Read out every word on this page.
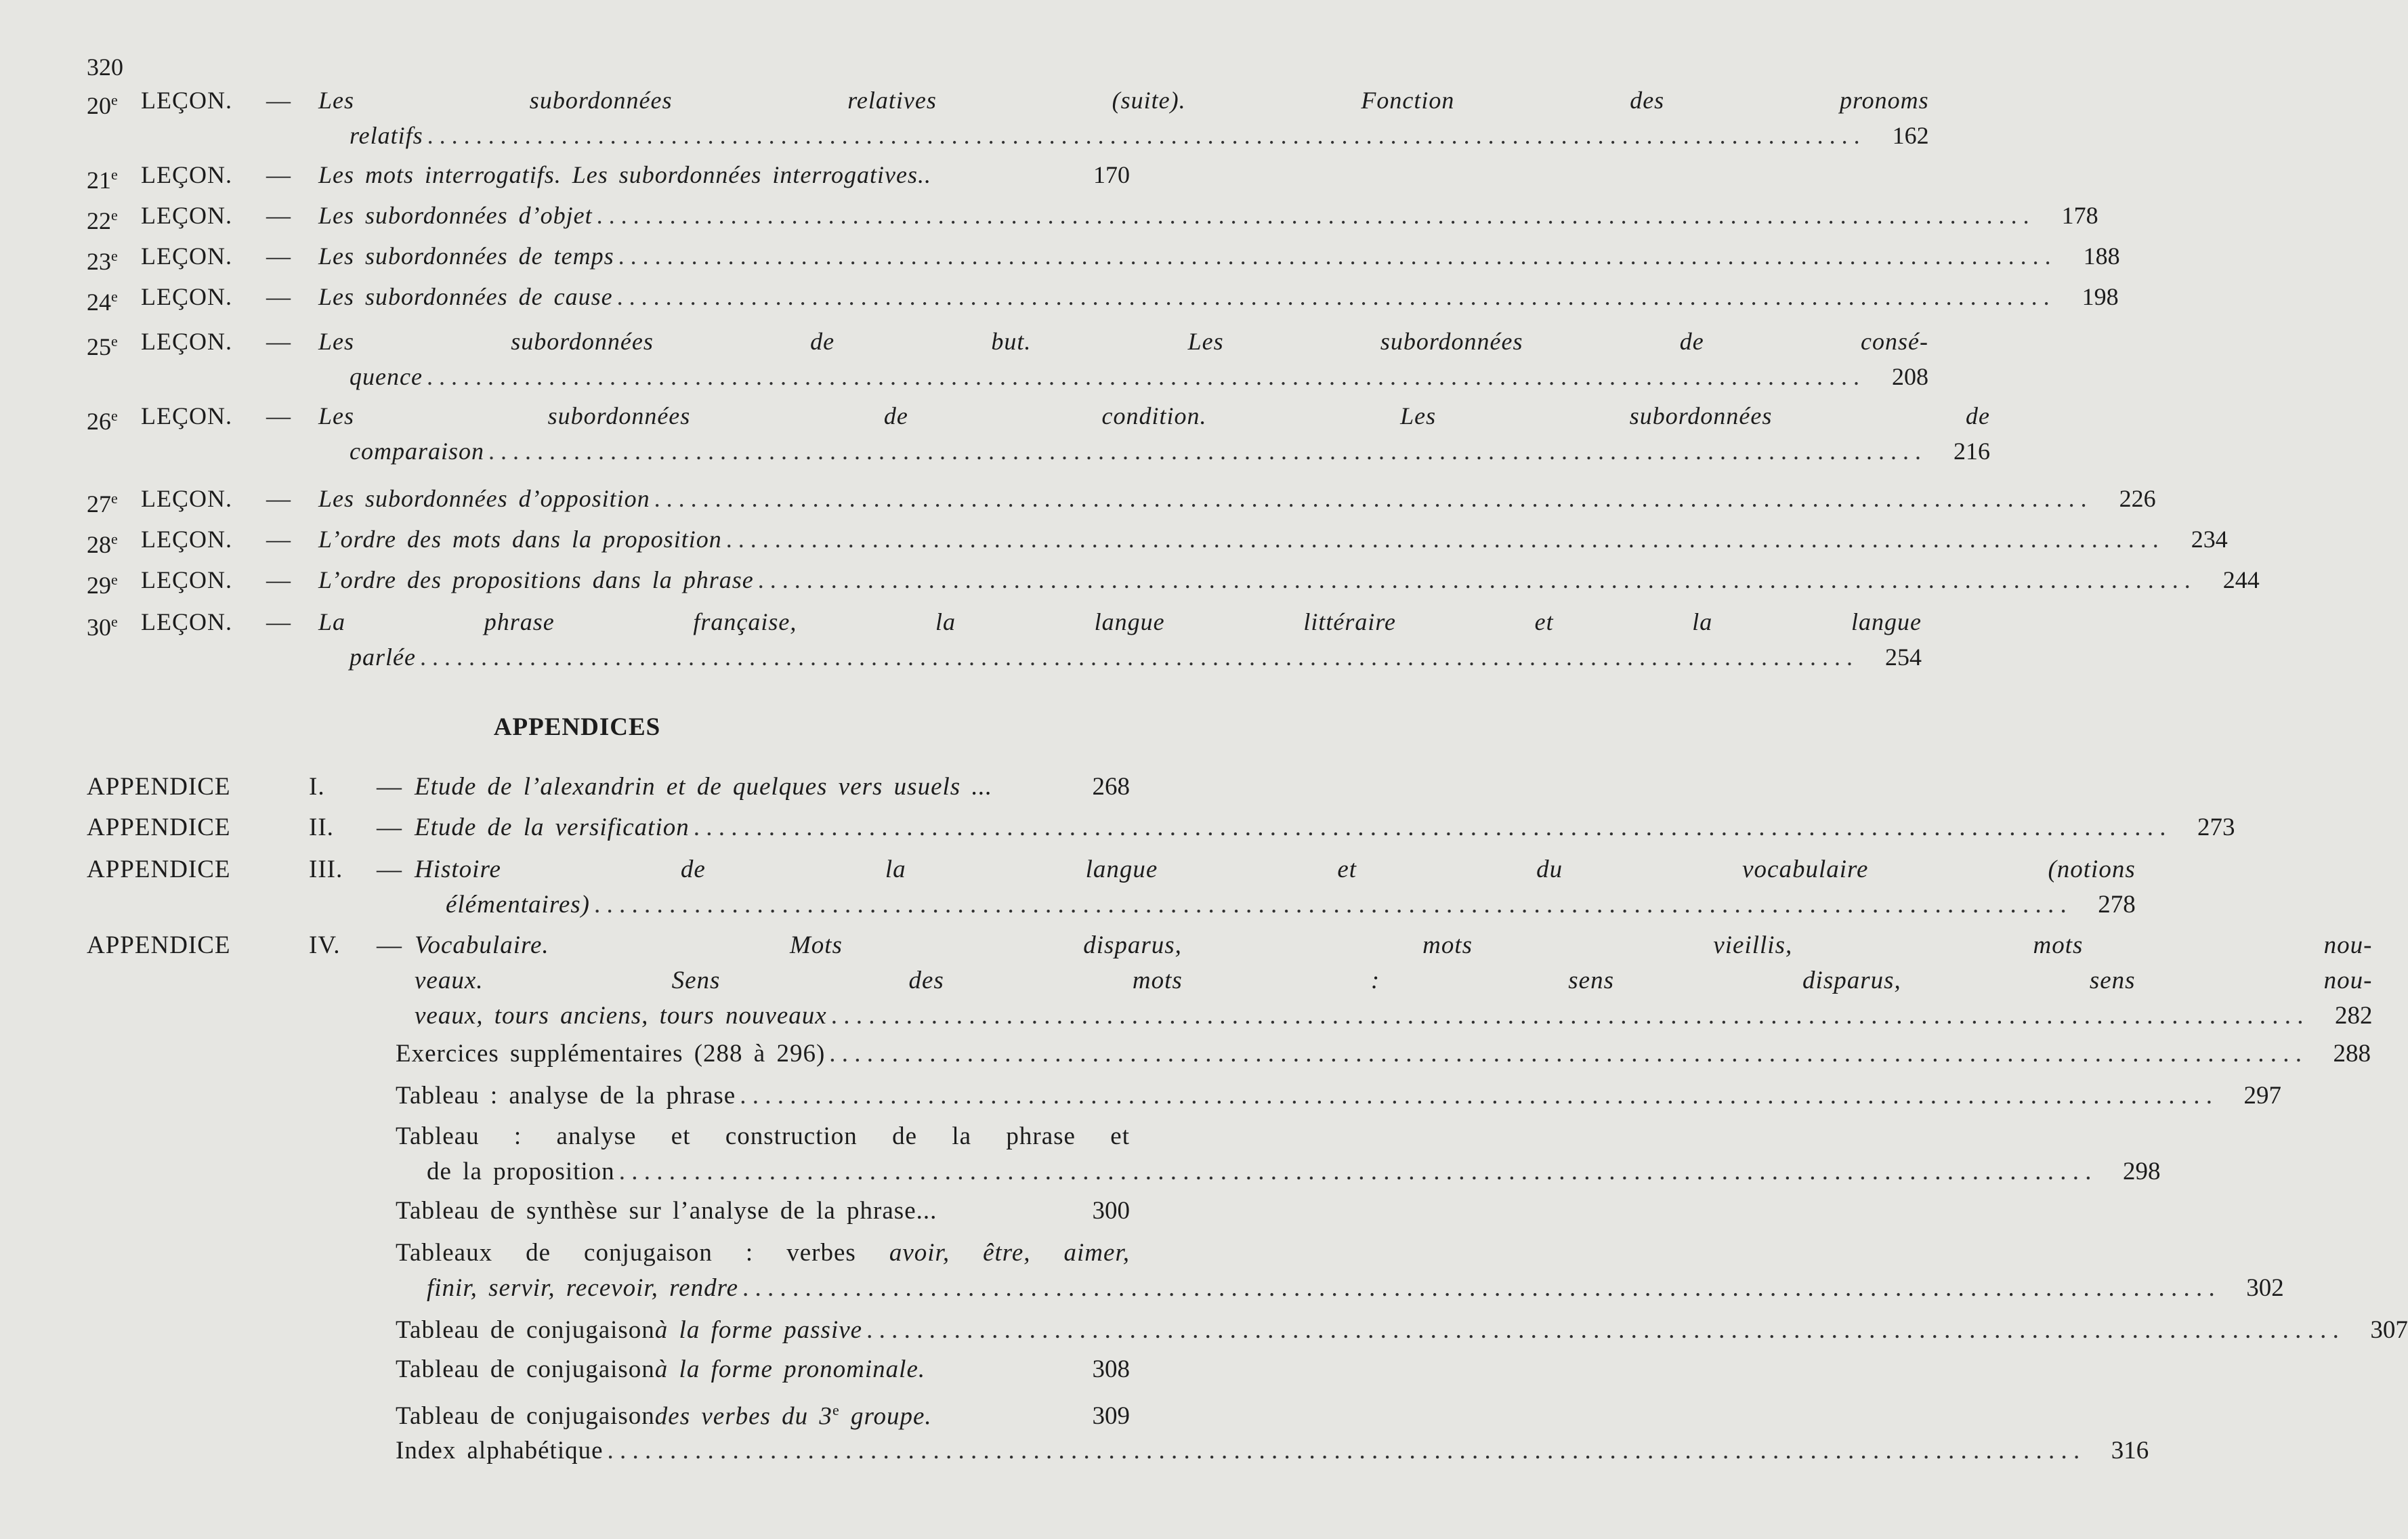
320
20e LEÇON.	—	Les subordonnées relatives (suite). Fonction des pronoms
relatifs . . .	162
21e LEÇON.	—	Les mots interrogatifs. Les subordonnées interrogatives..	170
22e LEÇON.	—	Les subordonnées d’objet . . .	178
23e LEÇON.	—	Les subordonnées de temps . . .	188
24e LEÇON.	—	Les subordonnées de cause . . .	198
25e LEÇON.	—	Les subordonnées de but. Les subordonnées de consé-
quence . . .	208
26e LEÇON.	—	Les subordonnées de condition. Les subordonnées de
comparaison . . .	216
27e LEÇON.	—	Les subordonnées d’opposition . . .	226
28e LEÇON.	—	L’ordre des mots dans la proposition . . .	234
29e LEÇON.	—	L’ordre des propositions dans la phrase . . .	244
30e LEÇON.	—	La phrase française, la langue littéraire et la langue
parlée . . .	254
APPENDICES
APPENDICE	I.	— Etude de l’alexandrin et de quelques vers usuels ...	268
APPENDICE	II.	— Etude de la versification . . .	273
APPENDICE	III.	— Histoire de la langue et du vocabulaire (notions
élémentaires) . . .	278
APPENDICE	IV.	— Vocabulaire. Mots disparus, mots vieillis, mots nou-
veaux. Sens des mots : sens disparus, sens nou-
veaux, tours anciens, tours nouveaux . . .	282
Exercices supplémentaires (288 à 296) . . .	288
Tableau : analyse de la phrase . . .	297
Tableau : analyse et construction de la phrase et
de la proposition . . .	298
Tableau de synthèse sur l’analyse de la phrase...	300
Tableaux de conjugaison : verbes avoir, être, aimer,
finir, servir, recevoir, rendre . . .	302
Tableau de conjugaison à la forme passive . . .	307
Tableau de conjugaison à la forme pronominale.	308
Tableau de conjugaison des verbes du 3e groupe.	309
Index alphabétique . . .	316
